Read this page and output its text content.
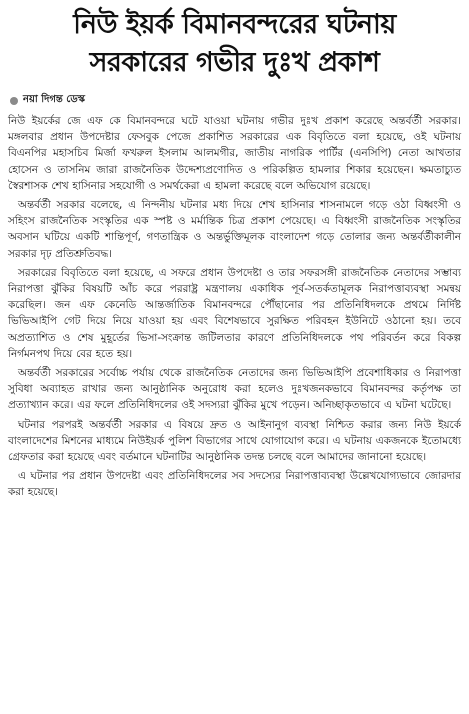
নিউ ইয়র্ক বিমানবন্দরের ঘটনায়
সরকারের গভীর দুঃখ প্রকাশ
নয়া দিগন্ত ডেস্ক

নিউ ইয়র্কের জে এফ কে বিমানবন্দরে ঘটে যাওয়া ঘটনায় গভীর দুঃখ প্রকাশ করেছে অন্তর্বর্তী সরকার। মঙ্গলবার প্রধান উপদেষ্টার ফেসবুক পেজে প্রকাশিত সরকারের এক বিবৃতিতে বলা হয়েছে, ওই ঘটনায় বিএনপির মহাসচিব মির্জা ফখরুল ইসলাম আলমগীর, জাতীয় নাগরিক পার্টির (এনসিপি) নেতা আখতার হোসেন ও তাসনিম জারা রাজনৈতিক উদ্দেশ্যপ্রণোদিত ও পরিকল্পিত হামলার শিকার হয়েছেন। ক্ষমতাচ্যুত স্বৈরশাসক শেখ হাসিনার সহযোগী ও সমর্থকেরা এ হামলা করেছে বলে অভিযোগ রয়েছে।

অন্তর্বর্তী সরকার বলেছে, এ নিন্দনীয় ঘটনার মধ্য দিয়ে শেখ হাসিনার শাসনামলে গড়ে ওঠা বিধ্বংসী ও সহিংস রাজনৈতিক সংস্কৃতির এক স্পষ্ট ও মর্মান্তিক চিত্র প্রকাশ পেয়েছে। এ বিধ্বংসী রাজনৈতিক সংস্কৃতির অবসান ঘটিয়ে একটি শান্তিপূর্ণ, গণতান্ত্রিক ও অন্তর্ভুক্তিমূলক বাংলাদেশ গড়ে তোলার জন্য অন্তর্বর্তীকালীন সরকার দৃঢ় প্রতিশ্রুতিবদ্ধ।

সরকারের বিবৃতিতে বলা হয়েছে, এ সফরে প্রধান উপদেষ্টা ও তার সফরসঙ্গী রাজনৈতিক নেতাদের সম্ভাব্য নিরাপত্তা ঝুঁকির বিষয়টি আঁচ করে পররাষ্ট্র মন্ত্রণালয় একাধিক পূর্ব-সতর্কতামূলক নিরাপত্তাব্যবস্থা সমন্বয় করেছিল। জন এফ কেনেডি আন্তর্জাতিক বিমানবন্দরে পৌঁছানোর পর প্রতিনিধিদলকে প্রথমে নির্দিষ্ট ভিভিআইপি গেট দিয়ে নিয়ে যাওয়া হয় এবং বিশেষভাবে সুরক্ষিত পরিবহন ইউনিটে ওঠানো হয়। তবে অপ্রত্যাশিত ও শেষ মুহূর্তের ভিসা-সংক্রান্ত জটিলতার কারণে প্রতিনিধিদলকে পথ পরিবর্তন করে বিকল্প নির্গমনপথ দিয়ে বের হতে হয়।

অন্তর্বর্তী সরকারের সর্বোচ্চ পর্যায় থেকে রাজনৈতিক নেতাদের জন্য ভিভিআইপি প্রবেশাধিকার ও নিরাপত্তা সুবিধা অব্যাহত রাখার জন্য আনুষ্ঠানিক অনুরোধ করা হলেও দুঃখজনকভাবে বিমানবন্দর কর্তৃপক্ষ তা প্রত্যাখ্যান করে। এর ফলে প্রতিনিধিদলের ওই সদস্যরা ঝুঁকির মুখে পড়েন। অনিচ্ছাকৃতভাবে এ ঘটনা ঘটেছে।

ঘটনার পরপরই অন্তর্বর্তী সরকার এ বিষয়ে দ্রুত ও আইনানুগ ব্যবস্থা নিশ্চিত করার জন্য নিউ ইয়র্কে বাংলাদেশের মিশনের মাধ্যমে নিউইয়র্ক পুলিশ বিভাগের সাথে যোগাযোগ করে। এ ঘটনায় একজনকে ইতোমধ্যে গ্রেফতার করা হয়েছে এবং বর্তমানে ঘটনাটির আনুষ্ঠানিক তদন্ত চলছে বলে আমাদের জানানো হয়েছে।

এ ঘটনার পর প্রধান উপদেষ্টা এবং প্রতিনিধিদলের সব সদস্যের নিরাপত্তাব্যবস্থা উল্লেখযোগ্যভাবে জোরদার করা হয়েছে।
